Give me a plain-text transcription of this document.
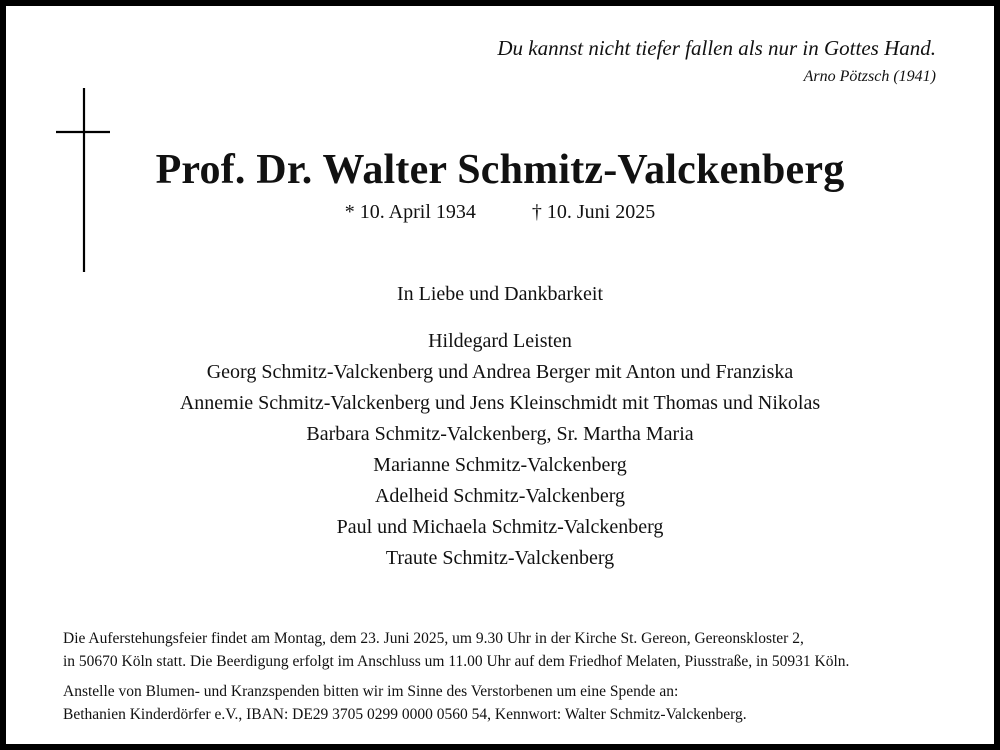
Du kannst nicht tiefer fallen als nur in Gottes Hand.
Arno Pötzsch (1941)
Prof. Dr. Walter Schmitz-Valckenberg
* 10. April 1934	† 10. Juni 2025
In Liebe und Dankbarkeit
Hildegard Leisten
Georg Schmitz-Valckenberg und Andrea Berger mit Anton und Franziska
Annemie Schmitz-Valckenberg und Jens Kleinschmidt mit Thomas und Nikolas
Barbara Schmitz-Valckenberg, Sr. Martha Maria
Marianne Schmitz-Valckenberg
Adelheid Schmitz-Valckenberg
Paul und Michaela Schmitz-Valckenberg
Traute Schmitz-Valckenberg

Die Auferstehungsfeier findet am Montag, dem 23. Juni 2025, um 9.30 Uhr in der Kirche St. Gereon, Gereonskloster 2,
in 50670 Köln statt. Die Beerdigung erfolgt im Anschluss um 11.00 Uhr auf dem Friedhof Melaten, Piusstraße, in 50931 Köln.

Anstelle von Blumen- und Kranzspenden bitten wir im Sinne des Verstorbenen um eine Spende an:
Bethanien Kinderdörfer e.V., IBAN: DE29 3705 0299 0000 0560 54, Kennwort: Walter Schmitz-Valckenberg.
